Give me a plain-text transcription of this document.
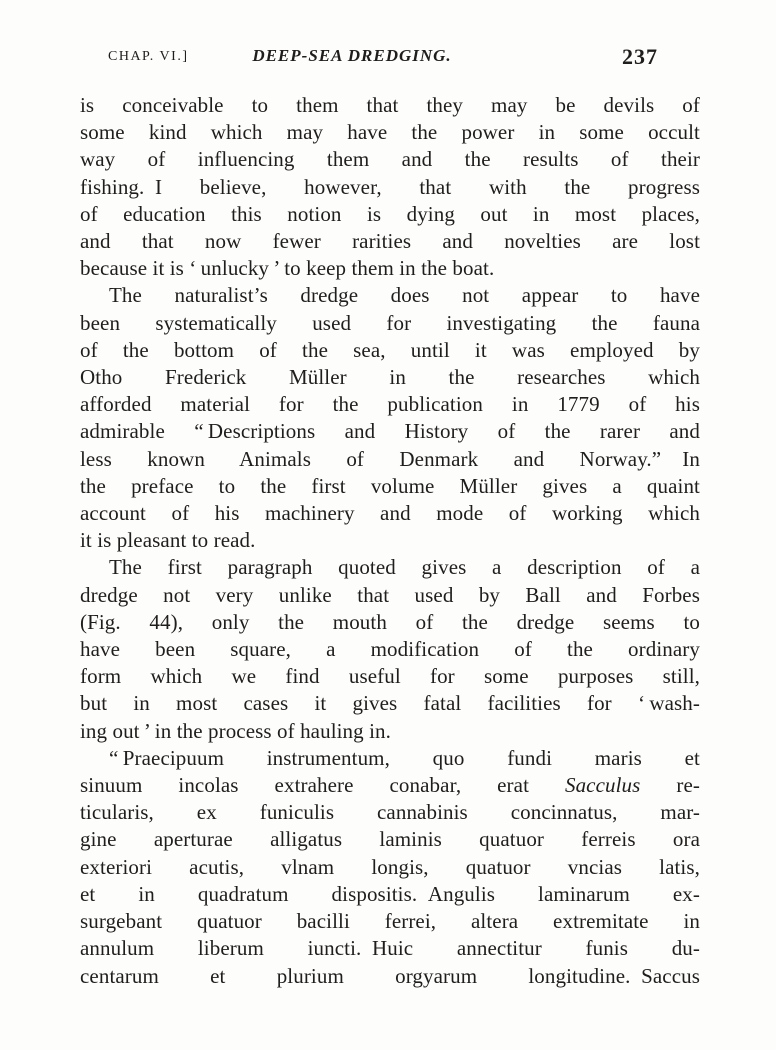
CHAP. VI.]	DEEP-SEA DREDGING.	237
is conceivable to them that they may be devils of
some kind which may have the power in some occult
way of influencing them and the results of their
fishing. I believe, however, that with the progress
of education this notion is dying out in most places,
and that now fewer rarities and novelties are lost
because it is ‘ unlucky ’ to keep them in the boat.
The naturalist’s dredge does not appear to have
been systematically used for investigating the fauna
of the bottom of the sea, until it was employed by
Otho Frederick Müller in the researches which
afforded material for the publication in 1779 of his
admirable “ Descriptions and History of the rarer and
less known Animals of Denmark and Norway.” In
the preface to the first volume Müller gives a quaint
account of his machinery and mode of working which
it is pleasant to read.
The first paragraph quoted gives a description of a
dredge not very unlike that used by Ball and Forbes
(Fig. 44), only the mouth of the dredge seems to
have been square, a modification of the ordinary
form which we find useful for some purposes still,
but in most cases it gives fatal facilities for ‘ wash-
ing out ’ in the process of hauling in.
“ Praecipuum instrumentum, quo fundi maris et
sinuum incolas extrahere conabar, erat Sacculus re-
ticularis, ex funiculis cannabinis concinnatus, mar-
gine aperturae alligatus laminis quatuor ferreis ora
exteriori acutis, vlnam longis, quatuor vncias latis,
et in quadratum dispositis. Angulis laminarum ex-
surgebant quatuor bacilli ferrei, altera extremitate in
annulum liberum iuncti. Huic annectitur funis du-
centarum et plurium orgyarum longitudine. Saccus
